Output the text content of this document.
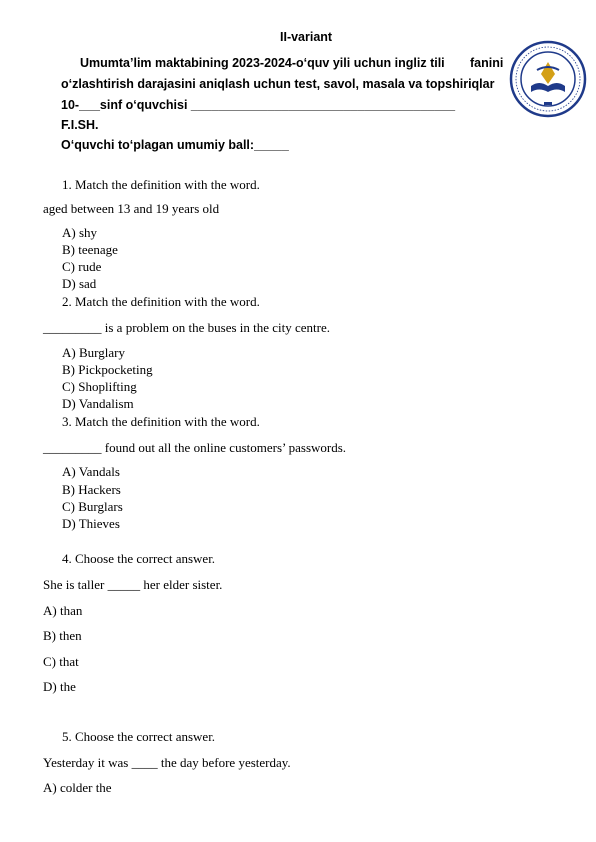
II-variant
Umumta’lim maktabining 2023-2024-o‘quv yili uchun ingliz tili fanini
o‘zlashtirish darajasini aniqlash uchun test, savol, masala va topshiriqlar
10-___sinf o‘quvchisi ______________________________________
F.I.SH.
O‘quvchi to‘plagan umumiy ball:_____
1. Match the definition with the word.
aged between 13 and 19 years old
A) shy
B) teenage
C) rude
D) sad
2. Match the definition with the word.
_________ is a problem on the buses in the city centre.
A) Burglary
B) Pickpocketing
C) Shoplifting
D) Vandalism
3. Match the definition with the word.
_________ found out all the online customers’ passwords.
A) Vandals
B) Hackers
C) Burglars
D) Thieves
4. Choose the correct answer.
She is taller _____ her elder sister.
A) than
B) then
C) that
D) the
5. Choose the correct answer.
Yesterday it was ____ the day before yesterday.
A) colder the
